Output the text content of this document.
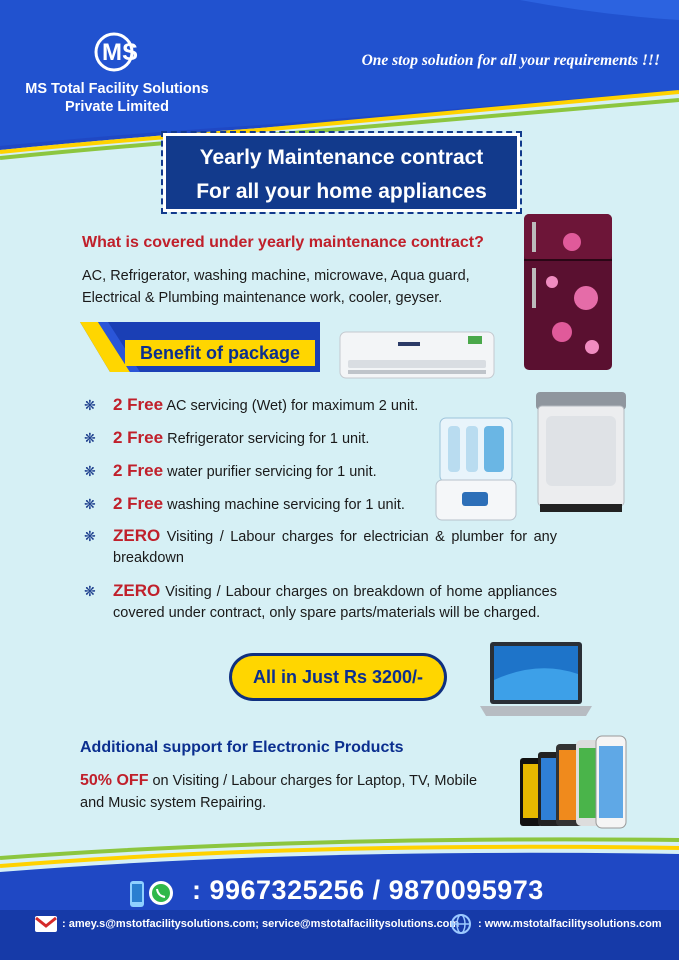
MS
MS Total Facility Solutions
Private Limited
One stop solution for all your requirements !!!
Yearly Maintenance contract
For all your home appliances
What is covered under yearly maintenance contract?
AC, Refrigerator, washing machine, microwave, Aqua guard,
Electrical & Plumbing maintenance work, cooler, geyser.
Benefit of package
❋ 2 Free AC servicing (Wet) for maximum 2 unit.
❋ 2 Free Refrigerator servicing for 1 unit.
❋ 2 Free water purifier servicing for 1 unit.
❋ 2 Free washing machine servicing for 1 unit.
❋ ZERO Visiting / Labour charges for electrician & plumber for any breakdown
❋ ZERO Visiting / Labour charges on breakdown of home appliances covered under contract, only spare parts/materials will be charged.
All in Just Rs 3200/-
Additional support for Electronic Products
50% OFF on Visiting / Labour charges for Laptop, TV, Mobile and Music system Repairing.
: 9967325256 / 9870095973
: amey.s@mstotfacilitysolutions.com; service@mstotalfacilitysolutions.com : www.mstotalfacilitysolutions.com
